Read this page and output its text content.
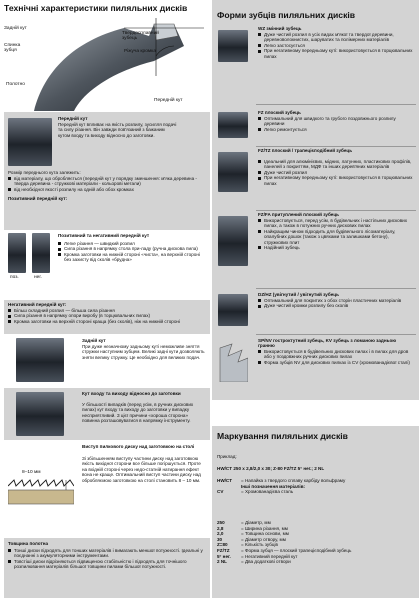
Технічні характеристики пиляльних дисків
Задній кут
Спинка зубця
Полотно
Твердосплавний зубець
Ріжуча кромка
Передній кут
Передній кут
Передній кут впливає на якість розпилу, зусилля подачі та силу різання. Він завжди пов'язаний з бажаним кутом входу та виходу відносно до заготовки.
Розмір переднього кута залежить:
від матеріалу, що обробляється (передній кут у порядку зменшення: м'яка деревина - тверда деревина - стружкові матеріали - кольорові метали)
від необхідної якості розпилу на одній або обох кромках
Позитивний передній кут:
поз.	нег.
Позитивний та негативний передній кут
Легке різання — швидкий розпил
Сила різання в напрямку стола при-ладу (ручна дискова пила)
Кромка заготовки на нижній стороні «чиста», на верхній стороні без захисту від сколів «брудна»
Негативний передній кут:
Більш складний розпил — більша сила різання
Сила різання в напрямку опори виробу (в торцювальних пилах)
Кромка заготовки на верхній стороні краща (без сколів), ніж на нижній стороні
Задній кут
При дуже незначному задньому куті неможливе зняття стружки наступним зубцем. Великі задні кути дозволяють зняти велику стружку. Це необхідно для великих подач.
Кут входу та виходу відносно до заготовки
У більшості випадків (перед усім, в ручних дискових пилах) кут входу та виходу до заготовки у випадку несприятливий. З цієї причини «хороша сторона» повинна розташовуватися в напрямку інструменту.
8–10 мм
Виступ пилкового диску над заготовкою на столі
Зі збільшенням виступу частини диску над заготовкою якість вихідної сторони все більше погіршується. Проте на вхідній стороні через недо-статній натирання ефект вона не краще. Оптимальний виступ частини диску над обробляємою заготовкою на столі становить 8 – 10 мм.
Товщина полотна
Тонші диски підходять для тонших матеріалів і вимагають меншої потужності. Ідеальні у поєднанні з акумуляторними інструментами.
Товстіші диски відрізняються підвищеною стабільністю і підходять для точнішого розпилювання матеріалів більшої товщини пилами більшої потужності.
Форми зубців пиляльних дисків
WZ змінний зубець
Дуже чистий розпил в усіх видах м'якої та твердої деревини, деревноволокнистих, шаруватих та полімерних матеріалів
Легко застосується
При негативному передньому куті: використовується в торцювальних пилах
FZ плоский зубець
Оптимальний для швидкого та грубого поздовжнього розпилу деревини
Легко ремонтується
FZ/TZ плоский / трапецієподібний зубець
Ідеальний для алюмінієвих, мідних, латунних, пластикових профілів, панелей з покриттям, МДФ та інших дерев'яних матеріалів
Дуже чистий розпил
При негативному передньому куті: використовується в торцювальних пилах
FZ/FA притуплений плоский зубець
Використовується, перед усім, в будівельних і настільних дискових пилах, а також в потужних ручних дискових пилах
Найкращим чином підходить для будівельного лісоматеріалу, опалубних дошок (також з цвяхами та залишками бетону), стружкових плит
Надійний зубець
DZ/HZ (увігнутий / увігнутий зубець
Оптимальний для покритих з обох сторін пластичних матеріалів
Дуже чистий кромки розпилу без сколів
SP/NV гостроктутний зубець, KV зубець з ломаною задньою гранню
Використовується в будівельних дискових пилах і в пилах для дров або у поздовжних ручних дискових пилах
Форма зубців NV для дискових пилках із CV (хромованадієвої сталі)
Маркування пиляльних дисків
Приклад:
HW/CT 250 x 2,8/2,0 x 30; Z-80 FZ/TZ 5° нег.; 2 NL
HW/CT	= Напайка з твердого сплаву карбіду вольфраму
Інші позначення матеріалів:
CV	= Хромованадієва сталь
250	= Діаметр, мм
2,8	= Ширина різання, мм
2,0	= Товщина основи, мм
30	= Діаметр отвору, мм
Z=80	= Кількість зубців
FZ/TZ	= Форма зубця — плоский трапецієподібний зубець
5° нег.	= Негативний передній кут
2 NL	= Два додаткові отвори
